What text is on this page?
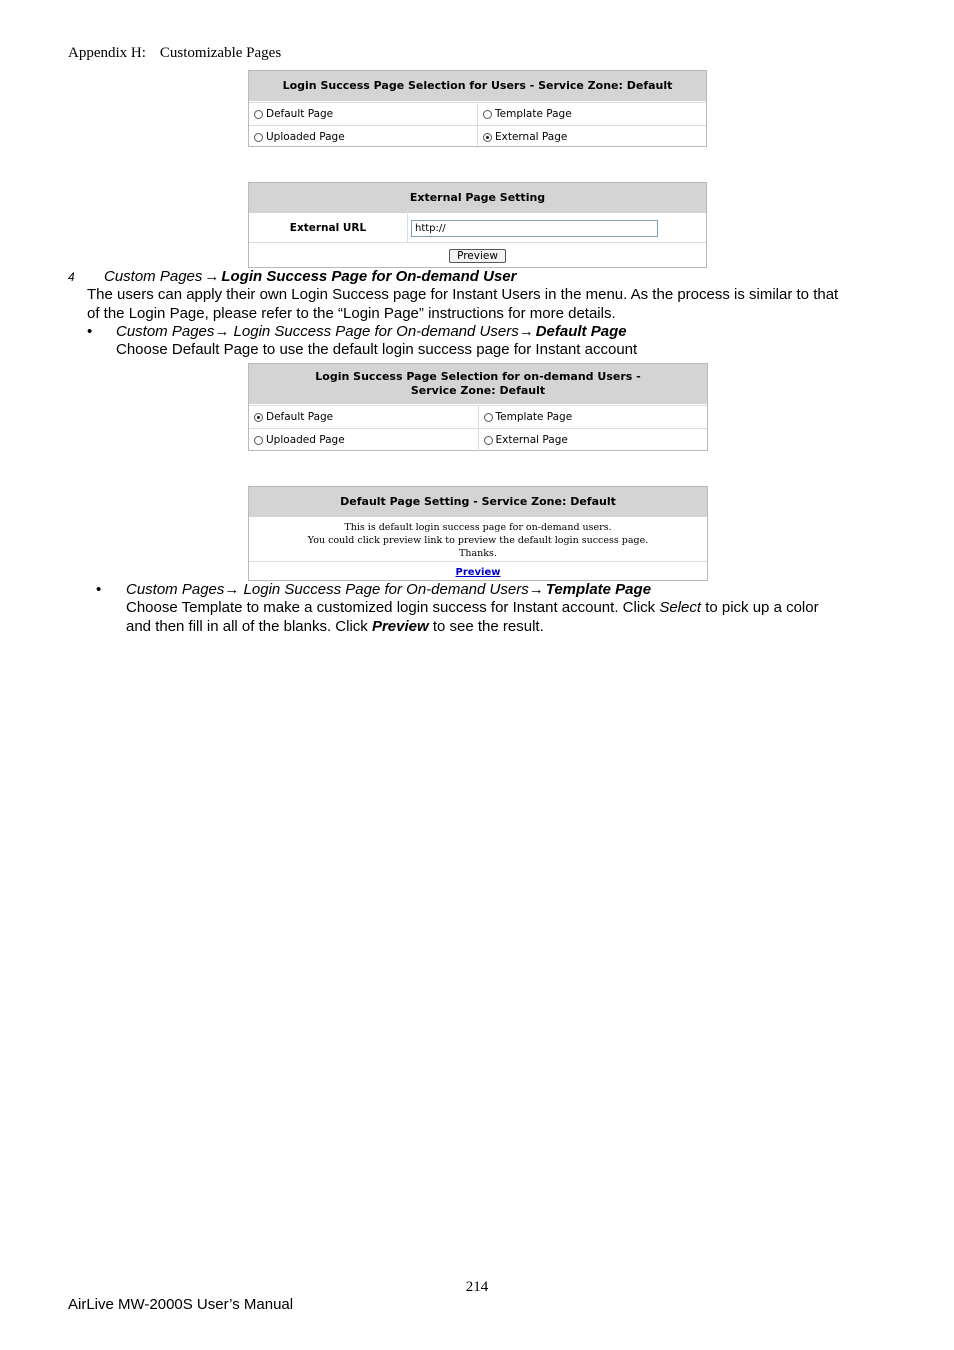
Appendix H: Customizable Pages
Login Success Page Selection for Users - Service Zone: Default
Default Page	Template Page
Uploaded Page	External Page
External Page Setting
External URL	http://
Preview
4 Custom Pages → Login Success Page for On-demand User
The users can apply their own Login Success page for Instant Users in the menu. As the process is similar to that
of the Login Page, please refer to the “Login Page” instructions for more details.
• Custom Pages→ Login Success Page for On-demand Users→ Default Page
Choose Default Page to use the default login success page for Instant account
Login Success Page Selection for on-demand Users - Service Zone: Default
Default Page	Template Page
Uploaded Page	External Page
Default Page Setting - Service Zone: Default
This is default login success page for on-demand users.
You could click preview link to preview the default login success page.
Thanks.
Preview
• Custom Pages→ Login Success Page for On-demand Users→ Template Page
Choose Template to make a customized login success for Instant account. Click Select to pick up a color
and then fill in all of the blanks. Click Preview to see the result.
214
AirLive MW-2000S User’s Manual
